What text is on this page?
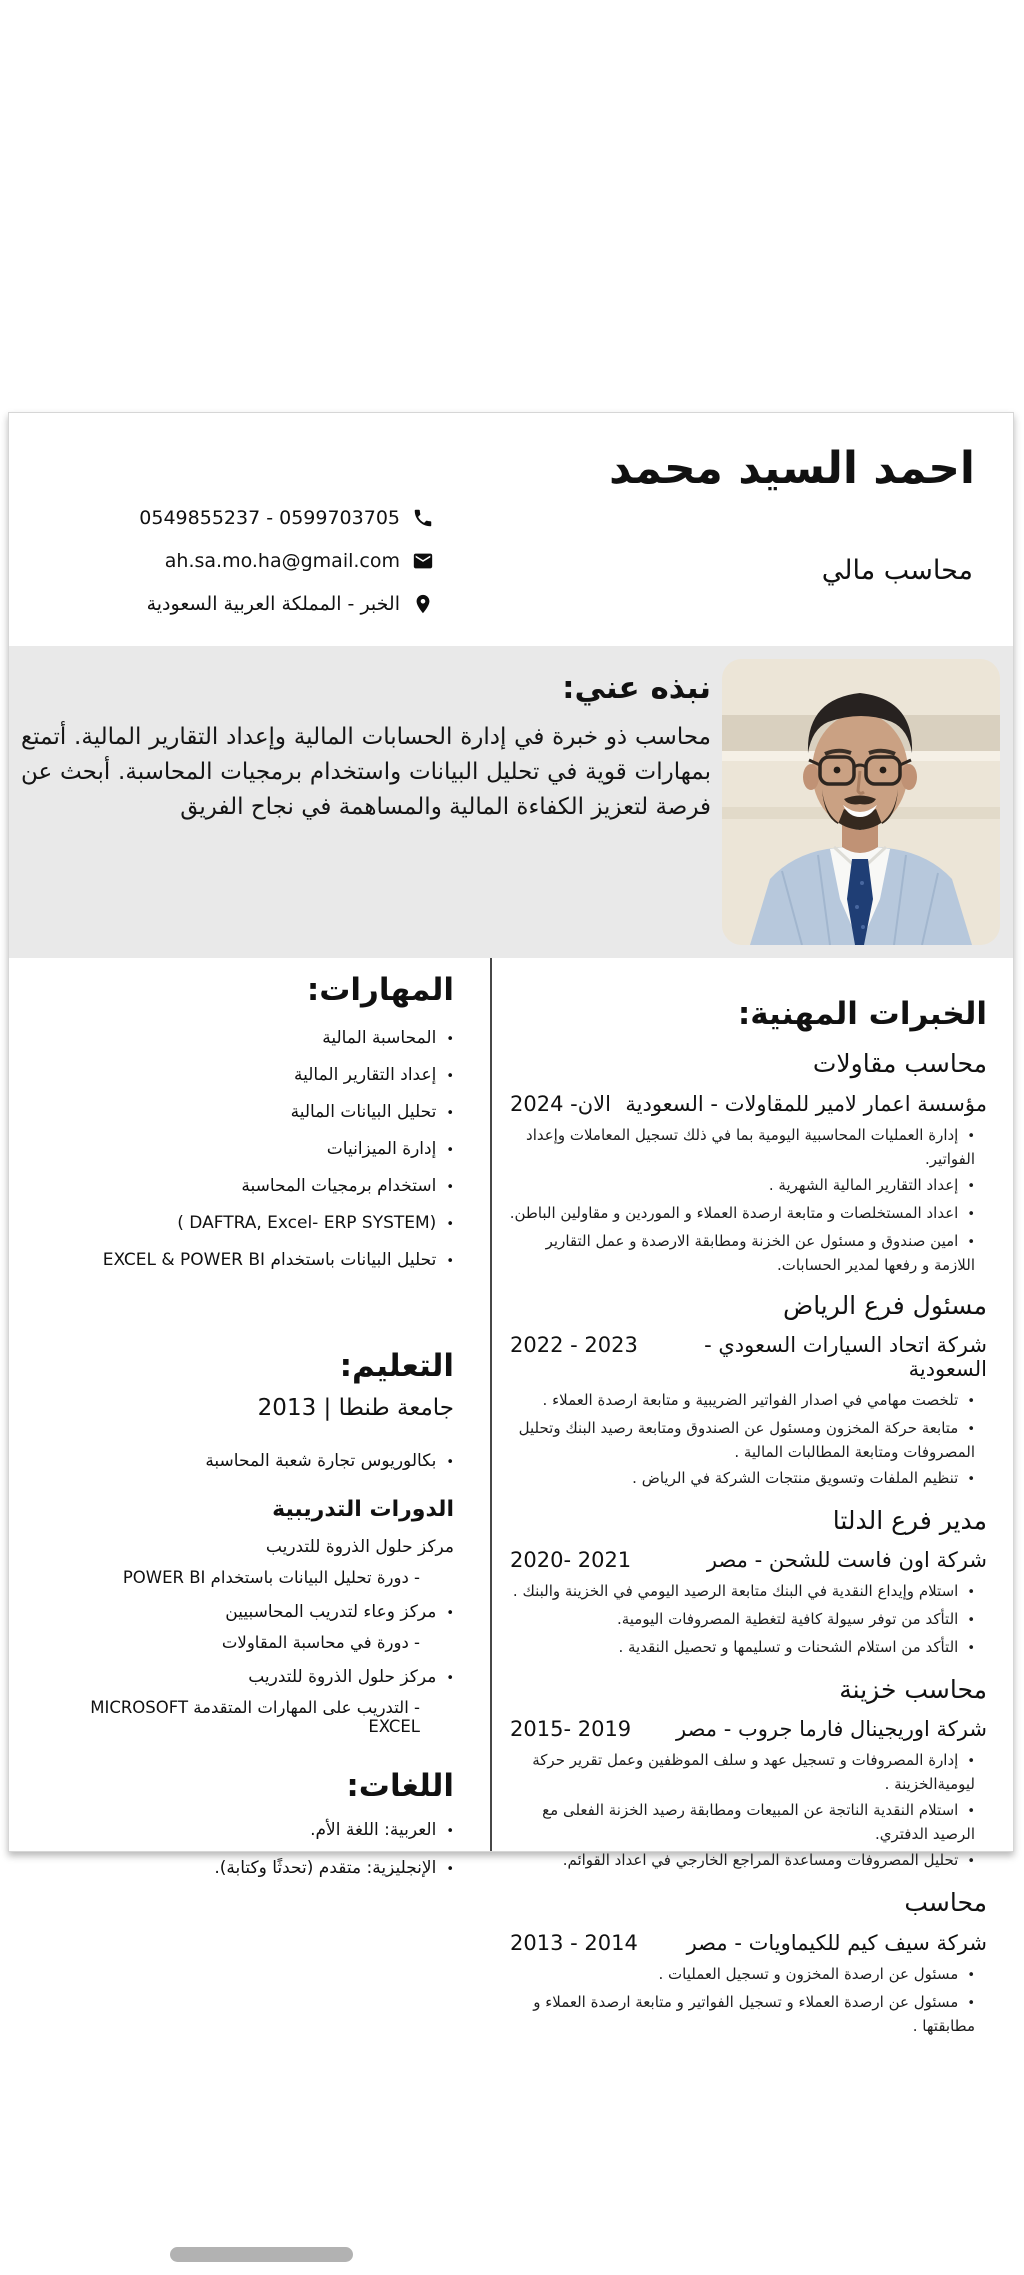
احمد السيد محمد
محاسب مالي
0549855237 - 0599703705
ah.sa.mo.ha@gmail.com
الخبر - المملكة العربية السعودية
نبذه عني:
محاسب ذو خبرة في إدارة الحسابات المالية وإعداد التقارير المالية. أتمتع بمهارات قوية في تحليل البيانات واستخدام برمجيات المحاسبة. أبحث عن فرصة لتعزيز الكفاءة المالية والمساهمة في نجاح الفريق
الخبرات المهنية:
محاسب مقاولات
مؤسسة اعمار لامير للمقاولات - السعودية
الان- 2024
• إدارة العمليات المحاسبية اليومية بما في ذلك تسجيل المعاملات وإعداد الفواتير.
• إعداد التقارير المالية الشهرية .
• اعداد المستخلصات و متابعة ارصدة العملاء و الموردين و مقاولين الباطن.
• امين صندوق و مسئول عن الخزنة ومطابقة الارصدة و عمل التقارير اللازمة و رفعها لمدير الحسابات.
مسئول فرع الرياض
شركة اتحاد السيارات السعودي - السعودية
2023 - 2022
• تلخصت مهامي في اصدار الفواتير الضريبية و متابعة ارصدة العملاء .
• متابعة حركة المخزون ومسئول عن الصندوق ومتابعة رصيد البنك وتحليل المصروفات ومتابعة المطالبات المالية .
• تنظيم الملفات وتسويق منتجات الشركة في الرياض .
مدير فرع الدلتا
شركة اون فاست للشحن - مصر
2021 -2020
• استلام وإيداع النقدية في البنك متابعة الرصيد اليومي في الخزينة والبنك .
• التأكد من توفر سيولة كافية لتغطية المصروفات اليومية.
• التأكد من استلام الشحنات و تسليمها و تحصيل النقدية .
محاسب خزينة
شركة اوريجينال فارما جروب - مصر
2019 -2015
• إدارة المصروفات و تسجيل عهد و سلف الموظفين وعمل تقرير حركة ليوميةالخزينة .
• استلام النقدية الناتجة عن المبيعات ومطابقة رصيد الخزنة الفعلى مع الرصيد الدفتري.
• تحليل المصروفات ومساعدة المراجع الخارجي في اعداد القوائم.
محاسب
شركة سيف كيم للكيماويات - مصر
2014 - 2013
• مسئول عن ارصدة المخزون و تسجيل العمليات .
• مسئول عن ارصدة العملاء و تسجيل الفواتير و متابعة ارصدة العملاء و مطابقتها .
المهارات:
• المحاسبة المالية
• إعداد التقارير المالية
• تحليل البيانات المالية
• إدارة الميزانيات
• استخدام برمجيات المحاسبة
• ( DAFTRA, Excel- ERP SYSTEM)
• تحليل البيانات باستخدام EXCEL & POWER BI
التعليم:
جامعة طنطا | 2013
• بكالوريوس تجارة شعبة المحاسبة
الدورات التدريبية
مركز حلول الذروة للتدريب
- دورة تحليل البيانات باستخدام POWER BI
• مركز وعاء لتدريب المحاسبيين
- دورة في محاسبة المقاولات
• مركز حلول الذروة للتدريب
- التدريب على المهارات المتقدمة MICROSOFT EXCEL
اللغات:
• العربية: اللغة الأم.
• الإنجليزية: متقدم (تحدثًا وكتابة).
